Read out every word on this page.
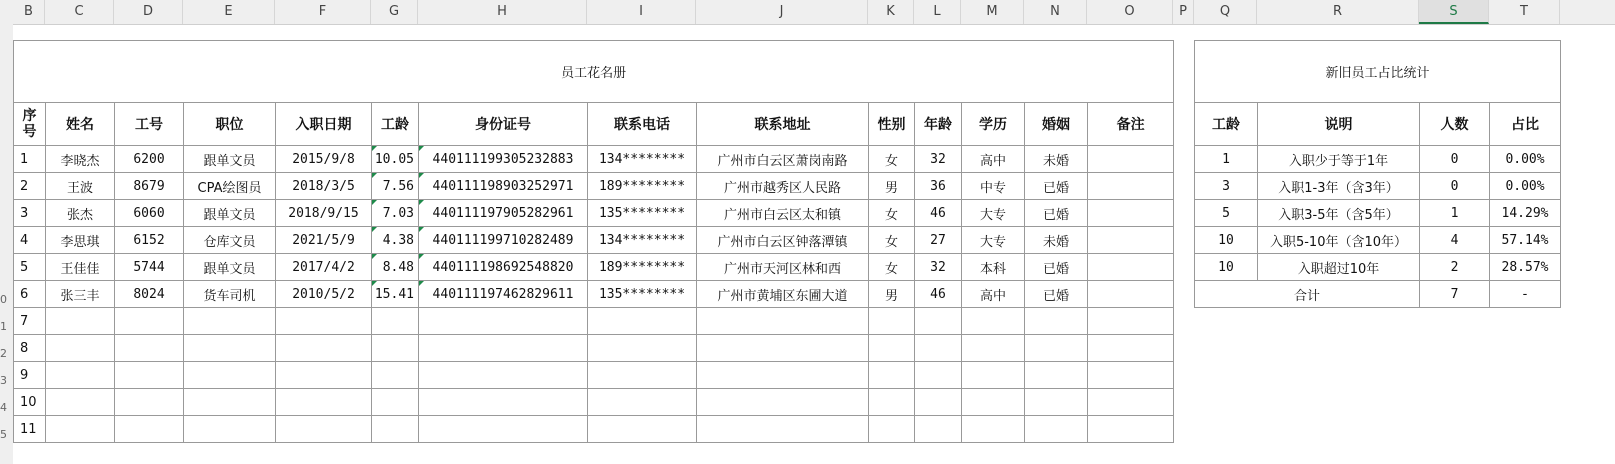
B	C	D	E	F	G	H	I	J	K	L	M	N	O	P	Q	R	S	T
0
1
2
3
4
5
员工花名册													
序号	姓名	工号	职位	入职日期	工龄	身份证号	联系电话	联系地址	性别	年龄	学历	婚姻	备注
1	李晓杰	6200	跟单文员	2015/9/8	10.05	440111199305232883	134********	广州市白云区萧岗南路	女	32	高中	未婚	
2	王波	8679	CPA绘图员	2018/3/5	7.56	440111198903252971	189********	广州市越秀区人民路	男	36	中专	已婚	
3	张杰	6060	跟单文员	2018/9/15	7.03	440111197905282961	135********	广州市白云区太和镇	女	46	大专	已婚	
4	李思琪	6152	仓库文员	2021/5/9	4.38	440111199710282489	134********	广州市白云区钟落潭镇	女	27	大专	未婚	
5	王佳佳	5744	跟单文员	2017/4/2	8.48	440111198692548820	189********	广州市天河区林和西	女	32	本科	已婚	
6	张三丰	8024	货车司机	2010/5/2	15.41	440111197462829611	135********	广州市黄埔区东圃大道	男	46	高中	已婚	
7													
8													
9													
10													
11													
新旧员工占比统计			
工龄	说明	人数	占比
1	入职少于等于1年	0	0.00%
3	入职1-3年（含3年）	0	0.00%
5	入职3-5年（含5年）	1	14.29%
10	入职5-10年（含10年）	4	57.14%
10	入职超过10年	2	28.57%
合计		7	-
